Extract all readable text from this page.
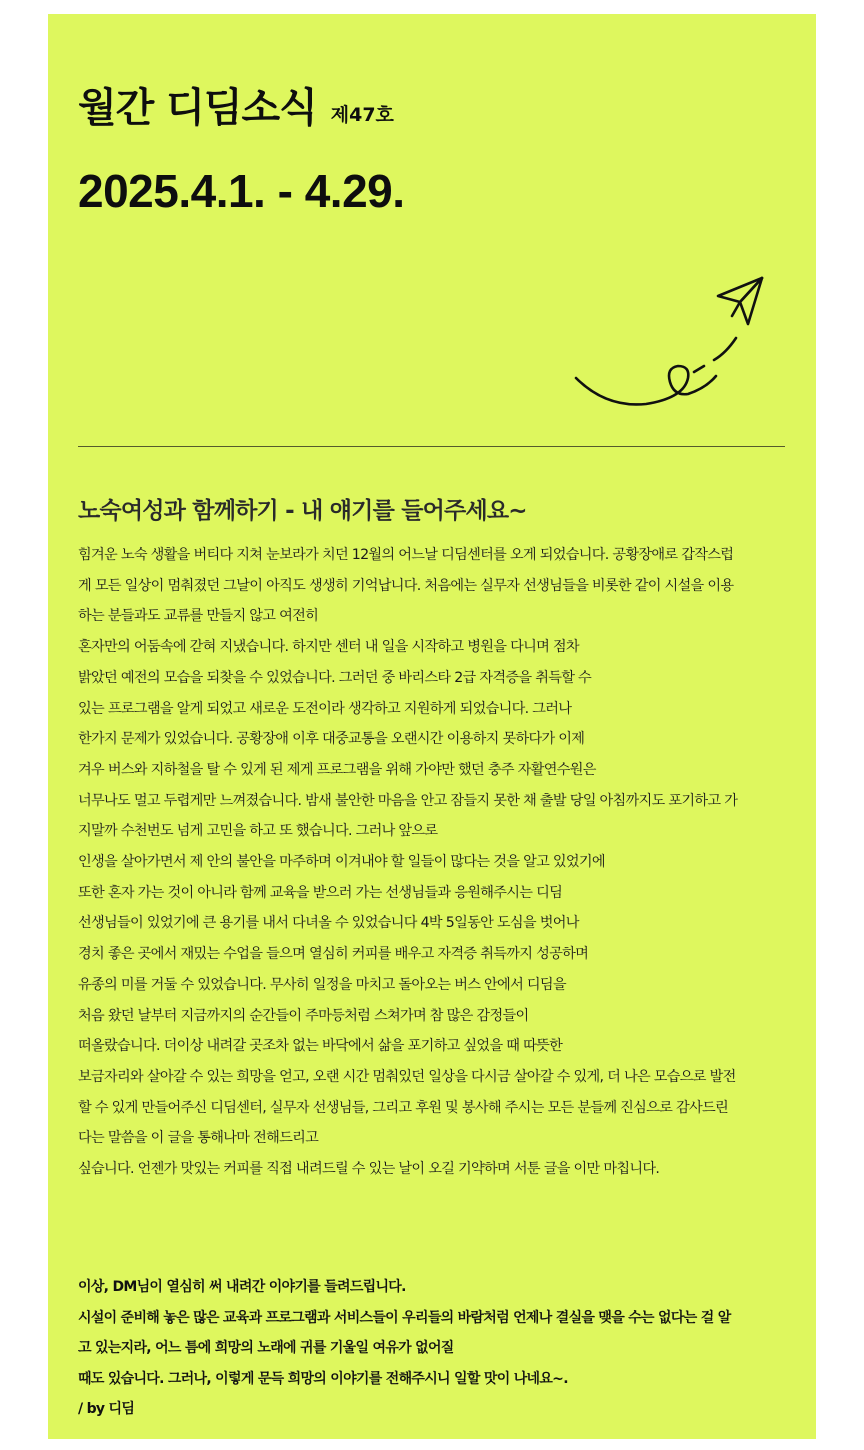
월간 디딤소식 제47호
2025.4.1. - 4.29.
노숙여성과 함께하기 - 내 얘기를 들어주세요~

힘겨운 노숙 생활을 버티다 지쳐 눈보라가 치던 12월의 어느날 디딤센터를 오게 되었습니다. 공황장애로 갑작스럽

게 모든 일상이 멈춰졌던 그날이 아직도 생생히 기억납니다. 처음에는 실무자 선생님들을 비롯한 같이 시설을 이용

하는 분들과도 교류를 만들지 않고 여전히

혼자만의 어둠속에 갇혀 지냈습니다. 하지만 센터 내 일을 시작하고 병원을 다니며 점차

밝았던 예전의 모습을 되찾을 수 있었습니다. 그러던 중 바리스타 2급 자격증을 취득할 수

있는 프로그램을 알게 되었고 새로운 도전이라 생각하고 지원하게 되었습니다. 그러나

한가지 문제가 있었습니다. 공황장애 이후 대중교통을 오랜시간 이용하지 못하다가 이제

겨우 버스와 지하철을 탈 수 있게 된 제게 프로그램을 위해 가야만 했던 충주 자활연수원은

너무나도 멀고 두렵게만 느껴졌습니다. 밤새 불안한 마음을 안고 잠들지 못한 채 출발 당일 아침까지도 포기하고 가

지말까 수천번도 넘게 고민을 하고 또 했습니다. 그러나 앞으로

인생을 살아가면서 제 안의 불안을 마주하며 이겨내야 할 일들이 많다는 것을 알고 있었기에

또한 혼자 가는 것이 아니라 함께 교육을 받으러 가는 선생님들과 응원해주시는 디딤

선생님들이 있었기에 큰 용기를 내서 다녀올 수 있었습니다 4박 5일동안 도심을 벗어나

경치 좋은 곳에서 재밌는 수업을 들으며 열심히 커피를 배우고 자격증 취득까지 성공하며

유종의 미를 거둘 수 있었습니다. 무사히 일정을 마치고 돌아오는 버스 안에서 디딤을

처음 왔던 날부터 지금까지의 순간들이 주마등처럼 스쳐가며 참 많은 감정들이

떠올랐습니다. 더이상 내려갈 곳조차 없는 바닥에서 삶을 포기하고 싶었을 때 따뜻한

보금자리와 살아갈 수 있는 희망을 얻고, 오랜 시간 멈춰있던 일상을 다시금 살아갈 수 있게, 더 나은 모습으로 발전

할 수 있게 만들어주신 디딤센터, 실무자 선생님들, 그리고 후원 및 봉사해 주시는 모든 분들께 진심으로 감사드린

다는 말씀을 이 글을 통해나마 전해드리고

싶습니다. 언젠가 맛있는 커피를 직접 내려드릴 수 있는 날이 오길 기약하며 서툰 글을 이만 마칩니다.

이상, DM님이 열심히 써 내려간 이야기를 들려드립니다.

시설이 준비해 놓은 많은 교육과 프로그램과 서비스들이 우리들의 바람처럼 언제나 결실을 맺을 수는 없다는 걸 알

고 있는지라, 어느 틈에 희망의 노래에 귀를 기울일 여유가 없어질

때도 있습니다. 그러나, 이렇게 문득 희망의 이야기를 전해주시니 일할 맛이 나네요~.

/ by 디딤
